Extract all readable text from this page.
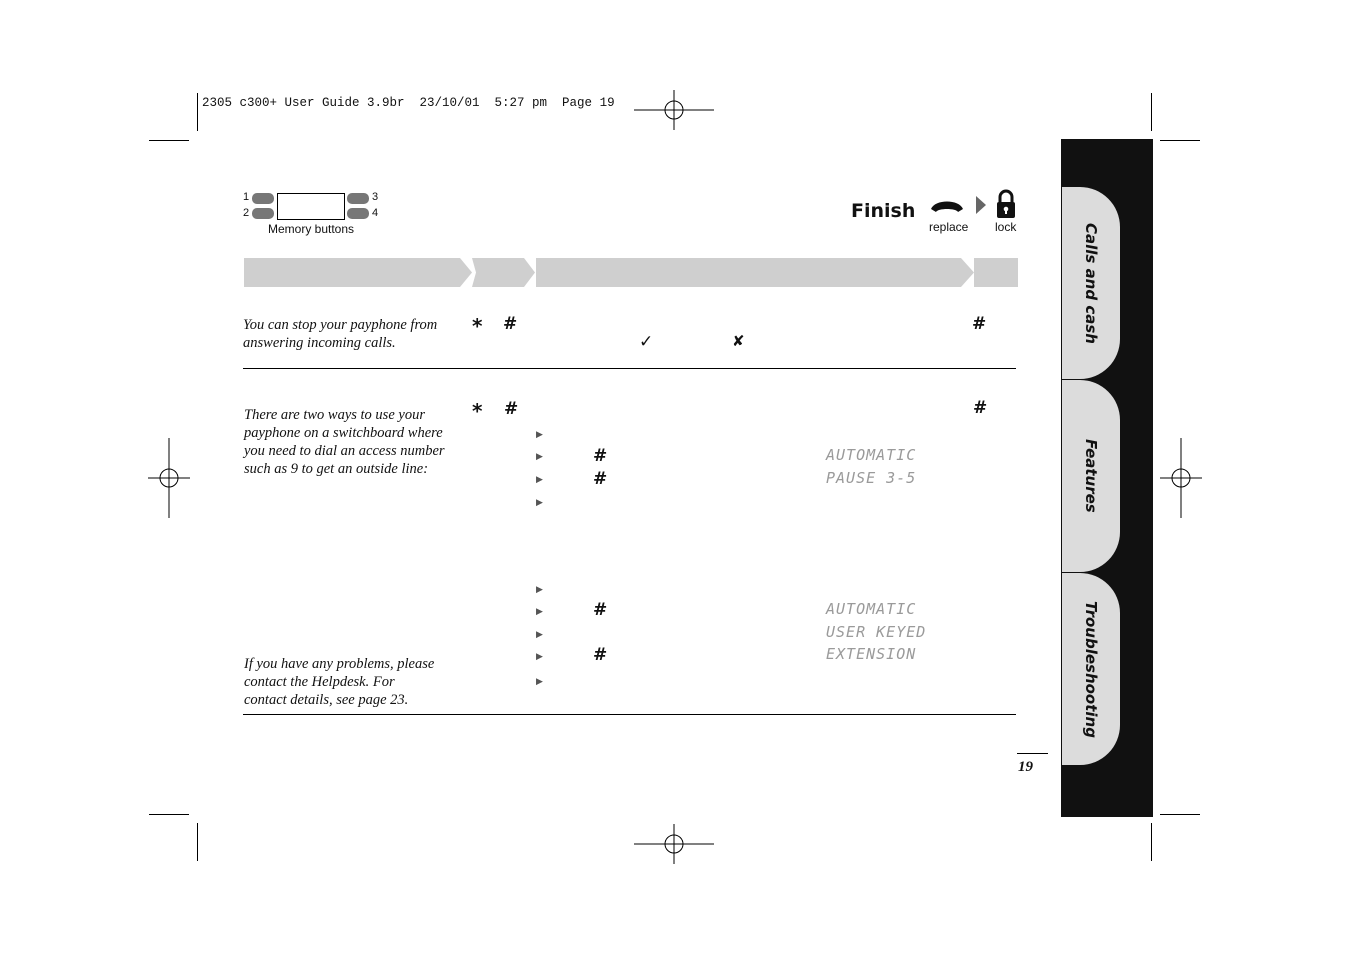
2305 c300+ User Guide 3.9br  23/10/01  5:27 pm  Page 19
1
2
3
4
Memory buttons
Finish
replace lock
You can stop your payphone from answering incoming calls.
* #	#
✓	✘
There are two ways to use your payphone on a switchboard where you need to dial an access number such as 9 to get an outside line:
* #	#
▶
▶	#
▶	#
▶
AUTOMATIC
PAUSE 3-5
▶
▶	#
▶
▶	#
▶
AUTOMATIC
USER KEYED
EXTENSION
If you have any problems, please contact the Helpdesk. For contact details, see page 23.
19
Calls and cash
Features
Troubleshooting
